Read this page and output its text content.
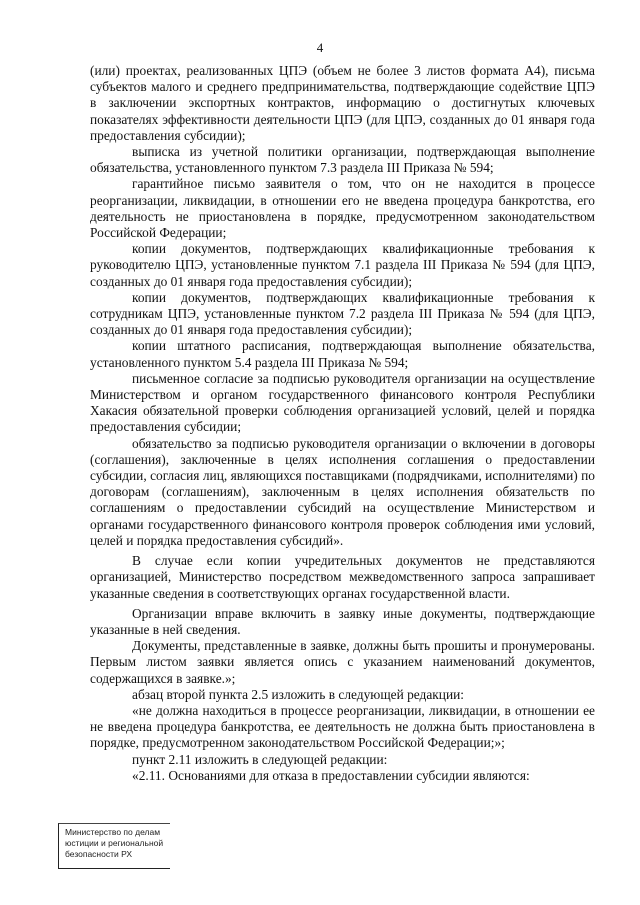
4

(или) проектах, реализованных ЦПЭ (объем не более 3 листов формата А4), письма субъектов малого и среднего предпринимательства, подтверждающие содействие ЦПЭ в заключении экспортных контрактов, информацию о достигнутых ключевых показателях эффективности деятельности ЦПЭ (для ЦПЭ, созданных до 01 января года предоставления субсидии);

выписка из учетной политики организации, подтверждающая выполнение обязательства, установленного пунктом 7.3 раздела III Приказа № 594;

гарантийное письмо заявителя о том, что он не находится в процессе реорганизации, ликвидации, в отношении его не введена процедура банкротства, его деятельность не приостановлена в порядке, предусмотренном законодательством Российской Федерации;

копии документов, подтверждающих квалификационные требования к руководителю ЦПЭ, установленные пунктом 7.1 раздела III Приказа № 594 (для ЦПЭ, созданных до 01 января года предоставления субсидии);

копии документов, подтверждающих квалификационные требования к сотрудникам ЦПЭ, установленные пунктом 7.2 раздела III Приказа № 594 (для ЦПЭ, созданных до 01 января года предоставления субсидии);

копии штатного расписания, подтверждающая выполнение обязательства, установленного пунктом 5.4 раздела III Приказа № 594;

письменное согласие за подписью руководителя организации на осуществление Министерством и органом государственного финансового контроля Республики Хакасия обязательной проверки соблюдения организацией условий, целей и порядка предоставления субсидии;

обязательство за подписью руководителя организации о включении в договоры (соглашения), заключенные в целях исполнения соглашения о предоставлении субсидии, согласия лиц, являющихся поставщиками (подрядчиками, исполнителями) по договорам (соглашениям), заключенным в целях исполнения обязательств по соглашениям о предоставлении субсидий на осуществление Министерством и органами государственного финансового контроля проверок соблюдения ими условий, целей и порядка предоставления субсидий».

В случае если копии учредительных документов не представляются организацией, Министерство посредством межведомственного запроса запрашивает указанные сведения в соответствующих органах государственной власти.

Организации вправе включить в заявку иные документы, подтверждающие указанные в ней сведения.

Документы, представленные в заявке, должны быть прошиты и пронумерованы. Первым листом заявки является опись с указанием наименований документов, содержащихся в заявке.»;

абзац второй пункта 2.5 изложить в следующей редакции:

«не должна находиться в процессе реорганизации, ликвидации, в отношении ее не введена процедура банкротства, ее деятельность не должна быть приостановлена в порядке, предусмотренном законодательством Российской Федерации;»;

пункт 2.11 изложить в следующей редакции:

«2.11. Основаниями для отказа в предоставлении субсидии являются:

Министерство по делам
юстиции и региональной
безопасности РХ
